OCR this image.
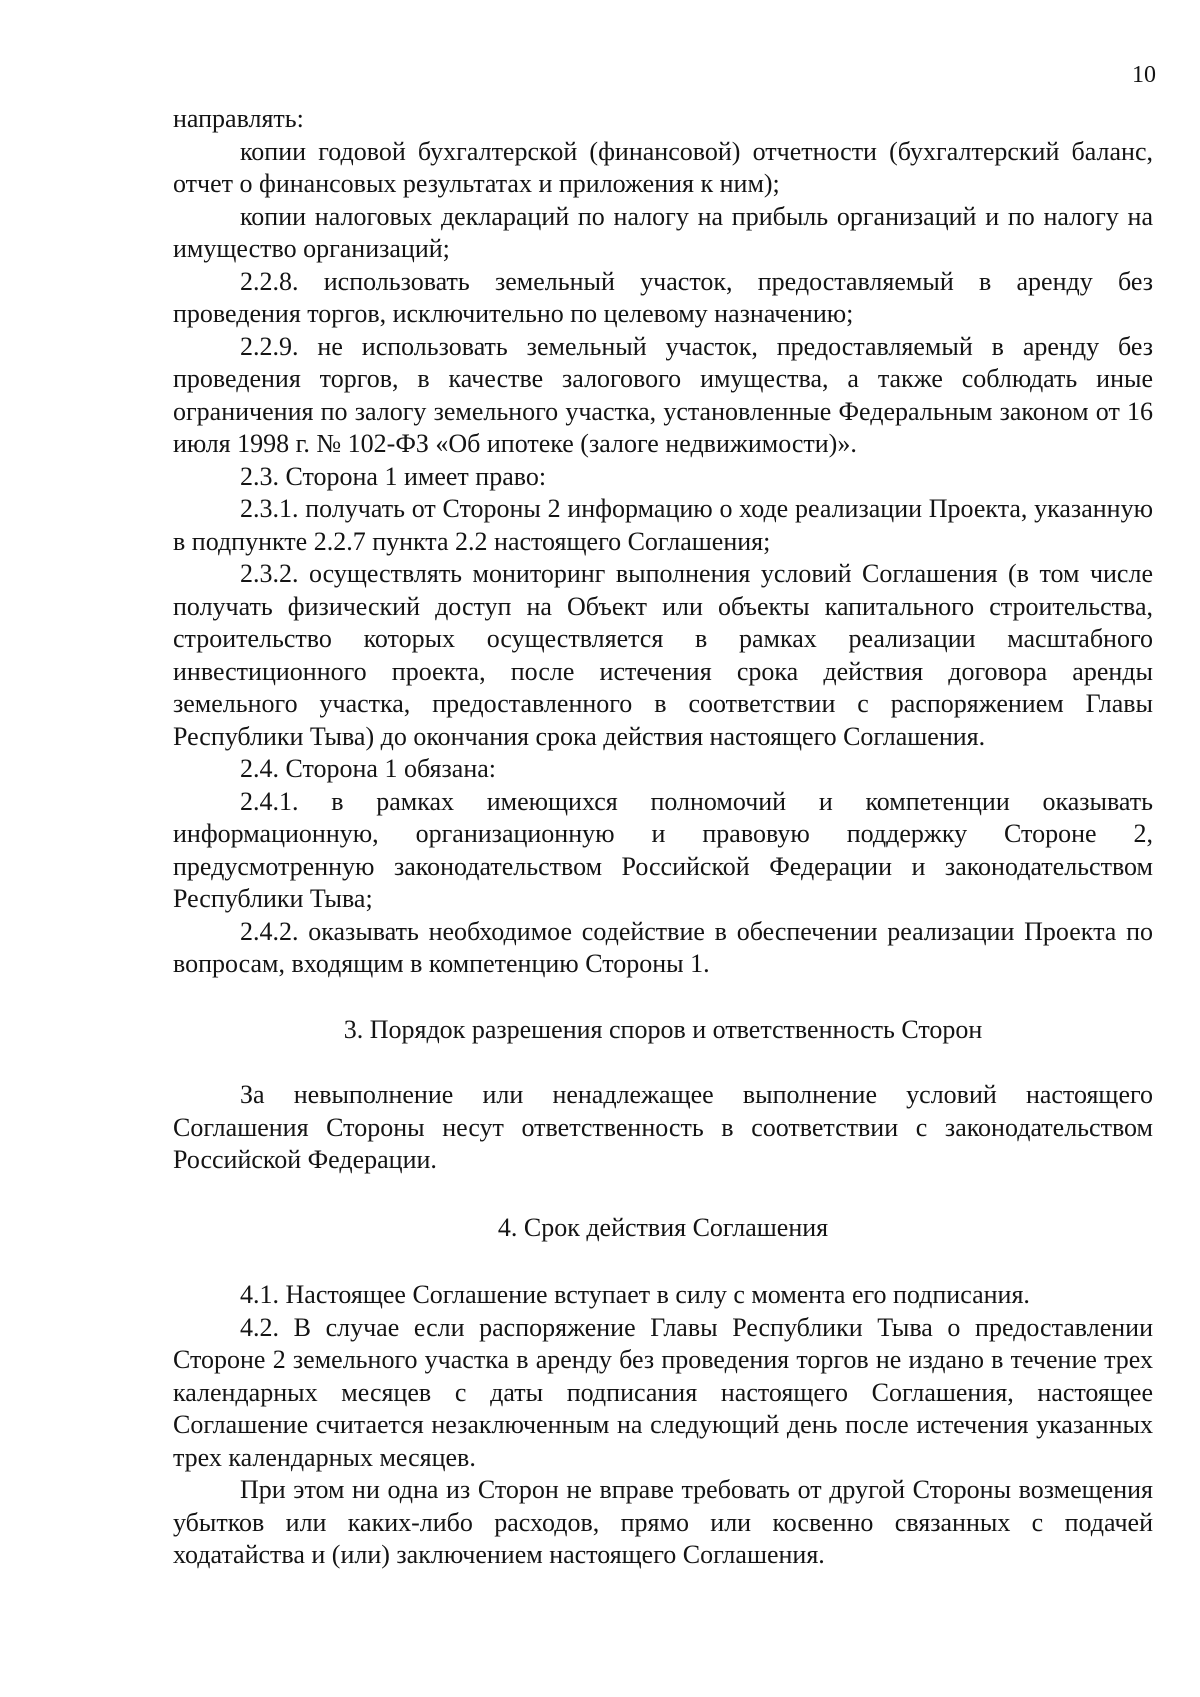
10

направлять:

копии годовой бухгалтерской (финансовой) отчетности (бухгалтерский баланс, отчет о финансовых результатах и приложения к ним);

копии налоговых деклараций по налогу на прибыль организаций и по налогу на имущество организаций;

2.2.8. использовать земельный участок, предоставляемый в аренду без проведения торгов, исключительно по целевому назначению;

2.2.9. не использовать земельный участок, предоставляемый в аренду без проведения торгов, в качестве залогового имущества, а также соблюдать иные ограничения по залогу земельного участка, установленные Федеральным законом от 16 июля 1998 г. № 102-ФЗ «Об ипотеке (залоге недвижимости)».

2.3. Сторона 1 имеет право:

2.3.1. получать от Стороны 2 информацию о ходе реализации Проекта, указанную в подпункте 2.2.7 пункта 2.2 настоящего Соглашения;

2.3.2. осуществлять мониторинг выполнения условий Соглашения (в том числе получать физический доступ на Объект или объекты капитального строительства, строительство которых осуществляется в рамках реализации масштабного инвестиционного проекта, после истечения срока действия договора аренды земельного участка, предоставленного в соответствии с распоряжением Главы Республики Тыва) до окончания срока действия настоящего Соглашения.

2.4. Сторона 1 обязана:

2.4.1. в рамках имеющихся полномочий и компетенции оказывать информационную, организационную и правовую поддержку Стороне 2, предусмотренную законодательством Российской Федерации и законодательством Республики Тыва;

2.4.2. оказывать необходимое содействие в обеспечении реализации Проекта по вопросам, входящим в компетенцию Стороны 1.

3. Порядок разрешения споров и ответственность Сторон

За невыполнение или ненадлежащее выполнение условий настоящего Соглашения Стороны несут ответственность в соответствии с законодательством Российской Федерации.

4. Срок действия Соглашения

4.1. Настоящее Соглашение вступает в силу с момента его подписания.

4.2. В случае если распоряжение Главы Республики Тыва о предоставлении Стороне 2 земельного участка в аренду без проведения торгов не издано в течение трех календарных месяцев с даты подписания настоящего Соглашения, настоящее Соглашение считается незаключенным на следующий день после истечения указанных трех календарных месяцев.

При этом ни одна из Сторон не вправе требовать от другой Стороны возмещения убытков или каких-либо расходов, прямо или косвенно связанных с подачей ходатайства и (или) заключением настоящего Соглашения.
